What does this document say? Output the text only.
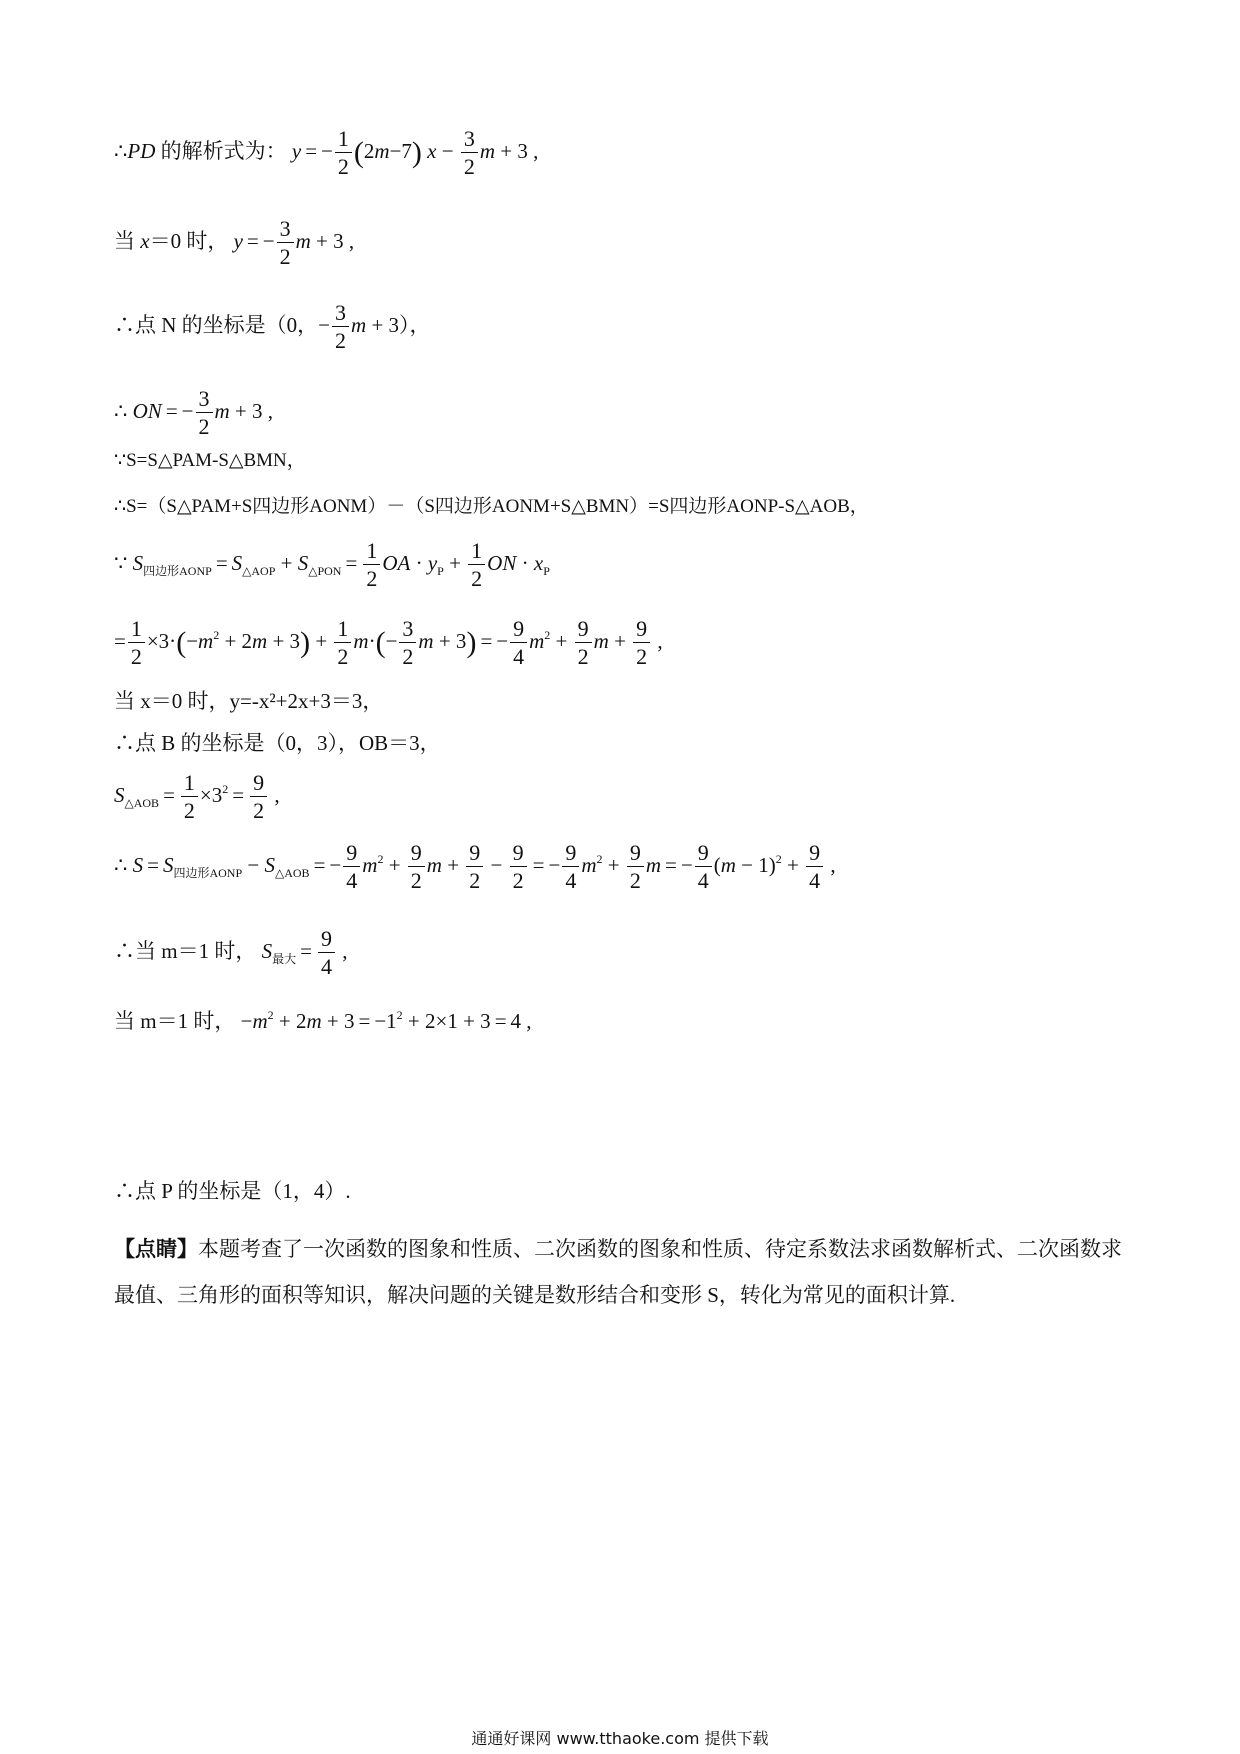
∴PD 的解析式为： y = − $\frac{1}{2} (2m-7) x - \frac{3}{2}$ m + 3 ,
当 x＝0 时， y = − $\frac{3}{2}$ m + 3 ,
∴点 N 的坐标是（0，− $\frac{3}{2}$ m + 3），
∴ ON = − $\frac{3}{2}$ m + 3 ,
∵S=S△PAM-S△BMN，
∴S=（S△PAM+S四边形AONM）－（S四边形AONM+S△BMN）=S四边形AONP-S△AOB，
∵ $S_{四边形AONP} = S_{\triangle AOP} + S_{\triangle PON} = \frac{1}{2}$ OA · $y_P + \frac{1}{2}$ ON · $x_P$
= $\frac{1}{2} \times 3\cdot(-m^2 + 2m + 3) + \frac{1}{2} m\cdot(- \frac{3}{2}$ m + 3) = − $\frac{9}{4} m^2 + \frac{9}{2}$ $m + \frac{9}{2}$ ,
当 x＝0 时，y=-x²+2x+3＝3，
∴点 B 的坐标是（0，3），OB＝3，
$S_{\triangle AOB} = \frac{1}{2} \times 3^2 = \frac{9}{2}$ ,
∴ $S = S_{四边形AONP} - S_{\triangle AOB}$ = − $\frac{9}{4} m^2 + \frac{9}{2}$ $m + \frac{9}{2} - \frac{9}{2}$ = − $\frac{9}{4} m^2 + \frac{9}{2}$ m = − $\frac{9}{4} (m - 1)^2 + \frac{9}{4}$ ,
∴当 m＝1 时， $S_{最大} = \frac{9}{4}$ ,
当 m＝1 时， $-m^2 + 2m + 3 = -1^2 + 2\times 1 + 3 = 4$ ,
∴点 P 的坐标是（1，4）.
【点睛】本题考查了一次函数的图象和性质、二次函数的图象和性质、待定系数法求函数解析式、二次函数求最值、三角形的面积等知识，解决问题的关键是数形结合和变形 S，转化为常见的面积计算.
通通好课网 www.tthaoke.com 提供下载
